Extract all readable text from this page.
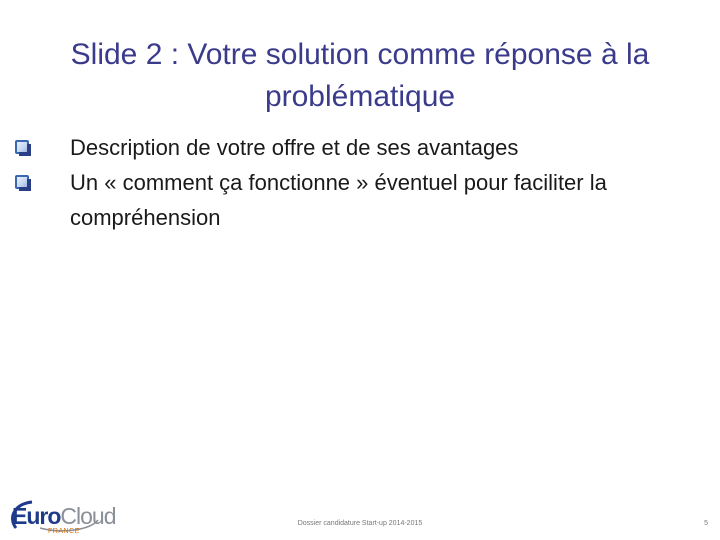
Slide 2 : Votre solution comme réponse à la problématique
Description de votre offre et de ses avantages
Un « comment ça fonctionne » éventuel pour faciliter la compréhension
EuroCloud
FRANCE
Dossier candidature Start-up 2014-2015	5
